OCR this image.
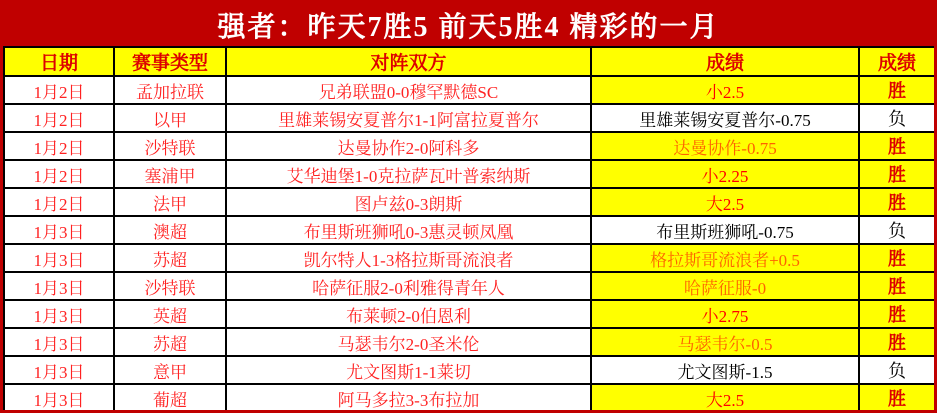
强者：昨天7胜5 前天5胜4 精彩的一月
日期	赛事类型	对阵双方	成绩	成绩
1月2日	孟加拉联	兄弟联盟0-0穆罕默德SC	小2.5	胜
1月2日	以甲	里雄莱锡安夏普尔1-1阿富拉夏普尔	里雄莱锡安夏普尔-0.75	负
1月2日	沙特联	达曼协作2-0阿科多	达曼协作-0.75	胜
1月2日	塞浦甲	艾华迪堡1-0克拉萨瓦叶普索纳斯	小2.25	胜
1月2日	法甲	图卢兹0-3朗斯	大2.5	胜
1月3日	澳超	布里斯班狮吼0-3惠灵顿凤凰	布里斯班狮吼-0.75	负
1月3日	苏超	凯尔特人1-3格拉斯哥流浪者	格拉斯哥流浪者+0.5	胜
1月3日	沙特联	哈萨征服2-0利雅得青年人	哈萨征服-0	胜
1月3日	英超	布莱顿2-0伯恩利	小2.75	胜
1月3日	苏超	马瑟韦尔2-0圣米伦	马瑟韦尔-0.5	胜
1月3日	意甲	尤文图斯1-1莱切	尤文图斯-1.5	负
1月3日	葡超	阿马多拉3-3布拉加	大2.5	胜
